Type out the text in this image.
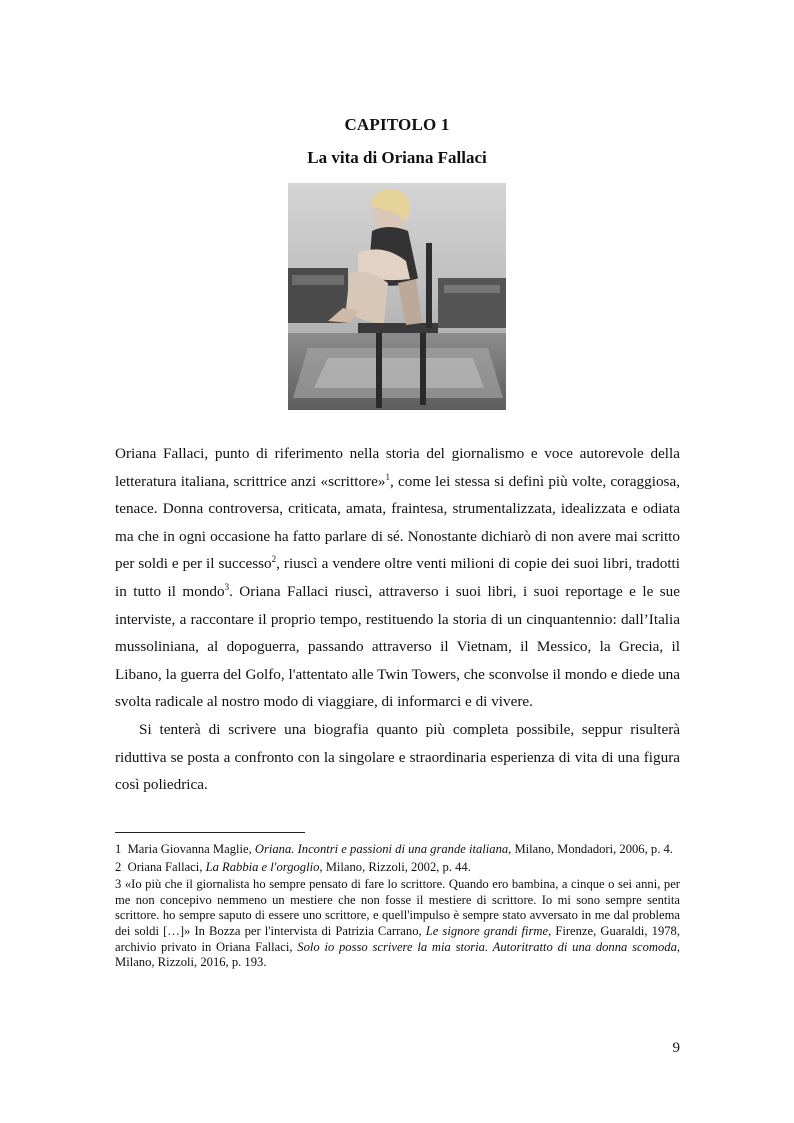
CAPITOLO 1
La vita di Oriana Fallaci

Oriana Fallaci, punto di riferimento nella storia del giornalismo e voce autorevole della letteratura italiana, scrittrice anzi «scrittore»$^1$, come lei stessa si definì più volte, coraggiosa, tenace. Donna controversa, criticata, amata, fraintesa, strumentalizzata, idealizzata e odiata ma che in ogni occasione ha fatto parlare di sé. Nonostante dichiarò di non avere mai scritto per soldi e per il successo$^2$, riuscì a vendere oltre venti milioni di copie dei suoi libri, tradotti in tutto il mondo$^3$. Oriana Fallaci riuscì, attraverso i suoi libri, i suoi reportage e le sue interviste, a raccontare il proprio tempo, restituendo la storia di un cinquantennio: dall’Italia mussoliniana, al dopoguerra, passando attraverso il Vietnam, il Messico, la Grecia, il Libano, la guerra del Golfo, l'attentato alle Twin Towers, che sconvolse il mondo e diede una svolta radicale al nostro modo di viaggiare, di informarci e di vivere.

Si tenterà di scrivere una biografia quanto più completa possibile, seppur risulterà riduttiva se posta a confronto con la singolare e straordinaria esperienza di vita di una figura così poliedrica.

1 Maria Giovanna Maglie, Oriana. Incontri e passioni di una grande italiana, Milano, Mondadori, 2006, p. 4.

2 Oriana Fallaci, La Rabbia e l'orgoglio, Milano, Rizzoli, 2002, p. 44.

3 «Io più che il giornalista ho sempre pensato di fare lo scrittore. Quando ero bambina, a cinque o sei anni, per me non concepivo nemmeno un mestiere che non fosse il mestiere di scrittore. Io mi sono sempre sentita scrittore. ho sempre saputo di essere uno scrittore, e quell'impulso è sempre stato avversato in me dal problema dei soldi […]» In Bozza per l'intervista di Patrizia Carrano, Le signore grandi firme, Firenze, Guaraldi, 1978, archivio privato in Oriana Fallaci, Solo io posso scrivere la mia storia. Autoritratto di una donna scomoda, Milano, Rizzoli, 2016, p. 193.

9
